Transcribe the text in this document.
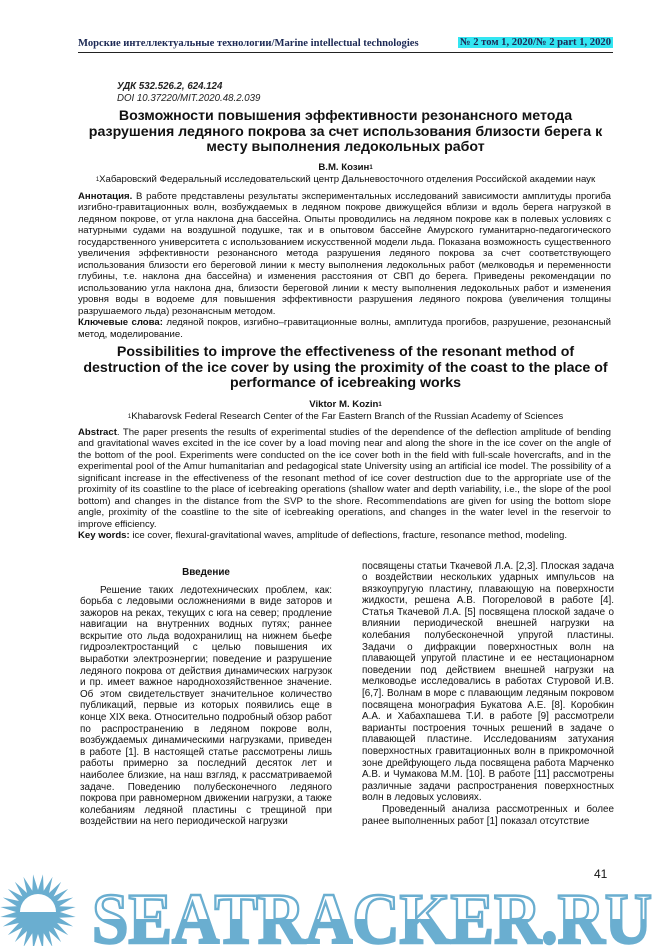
Морские интеллектуальные технологии/Marine intellectual technologies	№ 2 том 1, 2020/№ 2 part 1, 2020
УДК 532.526.2, 624.124
DOI 10.37220/MIT.2020.48.2.039
Возможности повышения эффективности резонансного метода разрушения ледяного покрова за счет использования близости берега к месту выполнения ледокольных работ
В.М. Козин$^1$
$^1$Хабаровский Федеральный исследовательский центр Дальневосточного отделения Российской академии наук
Аннотация. В работе представлены результаты экспериментальных исследований зависимости амплитуды прогиба изгибно-гравитационных волн, возбуждаемых в ледяном покрове движущейся вблизи и вдоль берега нагрузкой в ледяном покрове, от угла наклона дна бассейна. Опыты проводились на ледяном покрове как в полевых условиях с натурными судами на воздушной подушке, так и в опытовом бассейне Амурского гуманитарно-педагогического государственного университета с использованием искусственной модели льда. Показана возможность существенного увеличения эффективности резонансного метода разрушения ледяного покрова за счет соответствующего использования близости его береговой линии к месту выполнения ледокольных работ (мелководья и переменности глубины, т.е. наклона дна бассейна) и изменения расстояния от СВП до берега. Приведены рекомендации по использованию угла наклона дна, близости береговой линии к месту выполнения ледокольных работ и изменения уровня воды в водоеме для повышения эффективности разрушения ледяного покрова (увеличения толщины разрушаемого льда) резонансным методом.
Ключевые слова: ледяной покров, изгибно–гравитационные волны, амплитуда прогибов, разрушение, резонансный метод, моделирование.
Possibilities to improve the effectiveness of the resonant method of destruction of the ice cover by using the proximity of the coast to the place of performance of icebreaking works
Viktor M. Kozin$^1$
$^1$Khabarovsk Federal Research Center of the Far Eastern Branch of the Russian Academy of Sciences
Abstract. The paper presents the results of experimental studies of the dependence of the deflection amplitude of bending and gravitational waves excited in the ice cover by a load moving near and along the shore in the ice cover on the angle of the bottom of the pool. Experiments were conducted on the ice cover both in the field with full-scale hovercrafts, and in the experimental pool of the Amur humanitarian and pedagogical state University using an artificial ice model. The possibility of a significant increase in the effectiveness of the resonant method of ice cover destruction due to the appropriate use of the proximity of its coastline to the place of icebreaking operations (shallow water and depth variability, i.e., the slope of the pool bottom) and changes in the distance from the SVP to the shore. Recommendations are given for using the bottom slope angle, proximity of the coastline to the site of icebreaking operations, and changes in the water level in the reservoir to improve efficiency.
Key words: ice cover, flexural-gravitational waves, amplitude of deflections, fracture, resonance method, modeling.
Введение

Решение таких ледотехнических проблем, как: борьба с ледовыми осложнениями в виде заторов и зажоров на реках, текущих с юга на север; продление навигации на внутренних водных путях; раннее вскрытие ото льда водохранилищ на нижнем бьефе гидроэлектростанций с целью повышения их выработки электроэнергии; поведение и разрушение ледяного покрова от действия динамических нагрузок и пр. имеет важное народнохозяйственное значение. Об этом свидетельствует значительное количество публикаций, первые из которых появились еще в конце XIX века. Относительно подробный обзор работ по распространению в ледяном покрове волн, возбуждаемых динамическими нагрузками, приведен в работе [1]. В настоящей статье рассмотрены лишь работы примерно за последний десяток лет и наиболее близкие, на наш взгляд, к рассматриваемой задаче. Поведению полубесконечного ледяного покрова при равномерном движении нагрузки, а также колебаниям ледяной пластины с трещиной при воздействии на него периодической нагрузки

посвящены статьи Ткачевой Л.А. [2,3]. Плоская задача о воздействии нескольких ударных импульсов на вязкоупругую пластину, плавающую на поверхности жидкости, решена А.В. Погореловой в работе [4]. Статья Ткачевой Л.А. [5] посвящена плоской задаче о влиянии периодической внешней нагрузки на колебания полубесконечной упругой пластины. Задачи о дифракции поверхностных волн на плавающей упругой пластине и ее нестационарном поведении под действием внешней нагрузки на мелководье исследовались в работах Стуровой И.В. [6,7]. Волнам в море с плавающим ледяным покровом посвящена монография Букатова А.Е. [8]. Коробкин А.А. и Хабахпашева Т.И. в работе [9] рассмотрели варианты построения точных решений в задаче о плавающей пластине. Исследованиям затухания поверхностных гравитационных волн в прикромочной зоне дрейфующего льда посвящена работа Марченко А.В. и Чумакова М.М. [10]. В работе [11] рассмотрены различные задачи распространения поверхностных волн в ледовых условиях.

Проведенный анализа рассмотренных и более ранее выполненных работ [1] показал отсутствие

SEATRACKER.RU
41
